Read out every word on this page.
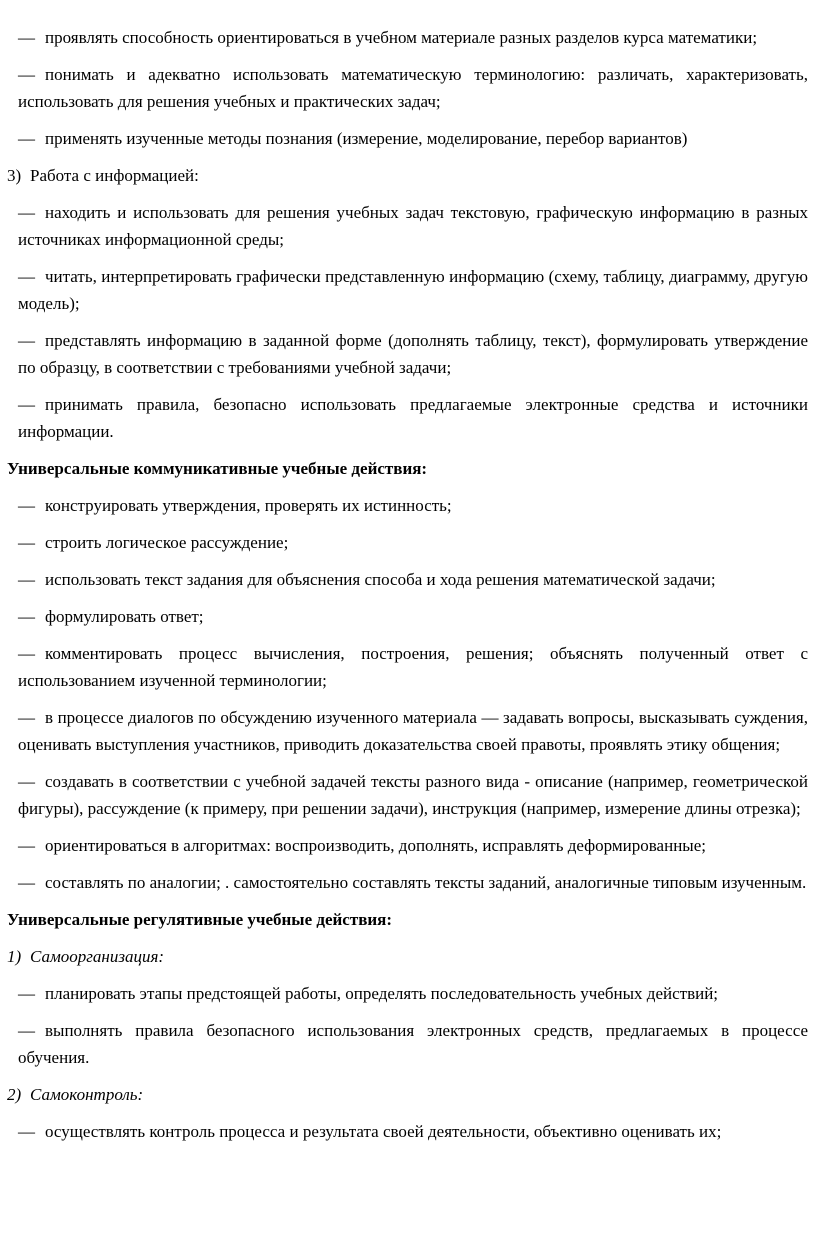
— проявлять способность ориентироваться в учебном материале разных разделов курса математики;
— понимать и адекватно использовать математическую терминологию: различать, характеризовать, использовать для решения учебных и практических задач;
— применять изученные методы познания (измерение, моделирование, перебор вариантов)
3) Работа с информацией:
— находить и использовать для решения учебных задач текстовую, графическую информацию в разных источниках информационной среды;
— читать, интерпретировать графически представленную информацию (схему, таблицу, диаграмму, другую модель);
— представлять информацию в заданной форме (дополнять таблицу, текст), формулировать утверждение по образцу, в соответствии с требованиями учебной задачи;
— принимать правила, безопасно использовать предлагаемые электронные средства и источники информации.
Универсальные коммуникативные учебные действия:
— конструировать утверждения, проверять их истинность;
— строить логическое рассуждение;
— использовать текст задания для объяснения способа и хода решения математической задачи;
— формулировать ответ;
— комментировать процесс вычисления, построения, решения; объяснять полученный ответ с использованием изученной терминологии;
— в процессе диалогов по обсуждению изученного материала — задавать вопросы, высказывать суждения, оценивать выступления участников, приводить доказательства своей правоты, проявлять этику общения;
— создавать в соответствии с учебной задачей тексты разного вида - описание (например, геометрической фигуры), рассуждение (к примеру, при решении задачи), инструкция (например, измерение длины отрезка);
— ориентироваться в алгоритмах: воспроизводить, дополнять, исправлять деформированные;
— составлять по аналогии; . самостоятельно составлять тексты заданий, аналогичные типовым изученным.
Универсальные регулятивные учебные действия:
1) Самоорганизация:
— планировать этапы предстоящей работы, определять последовательность учебных действий;
— выполнять правила безопасного использования электронных средств, предлагаемых в процессе обучения.
2) Самоконтроль:
— осуществлять контроль процесса и результата своей деятельности, объективно оценивать их;
